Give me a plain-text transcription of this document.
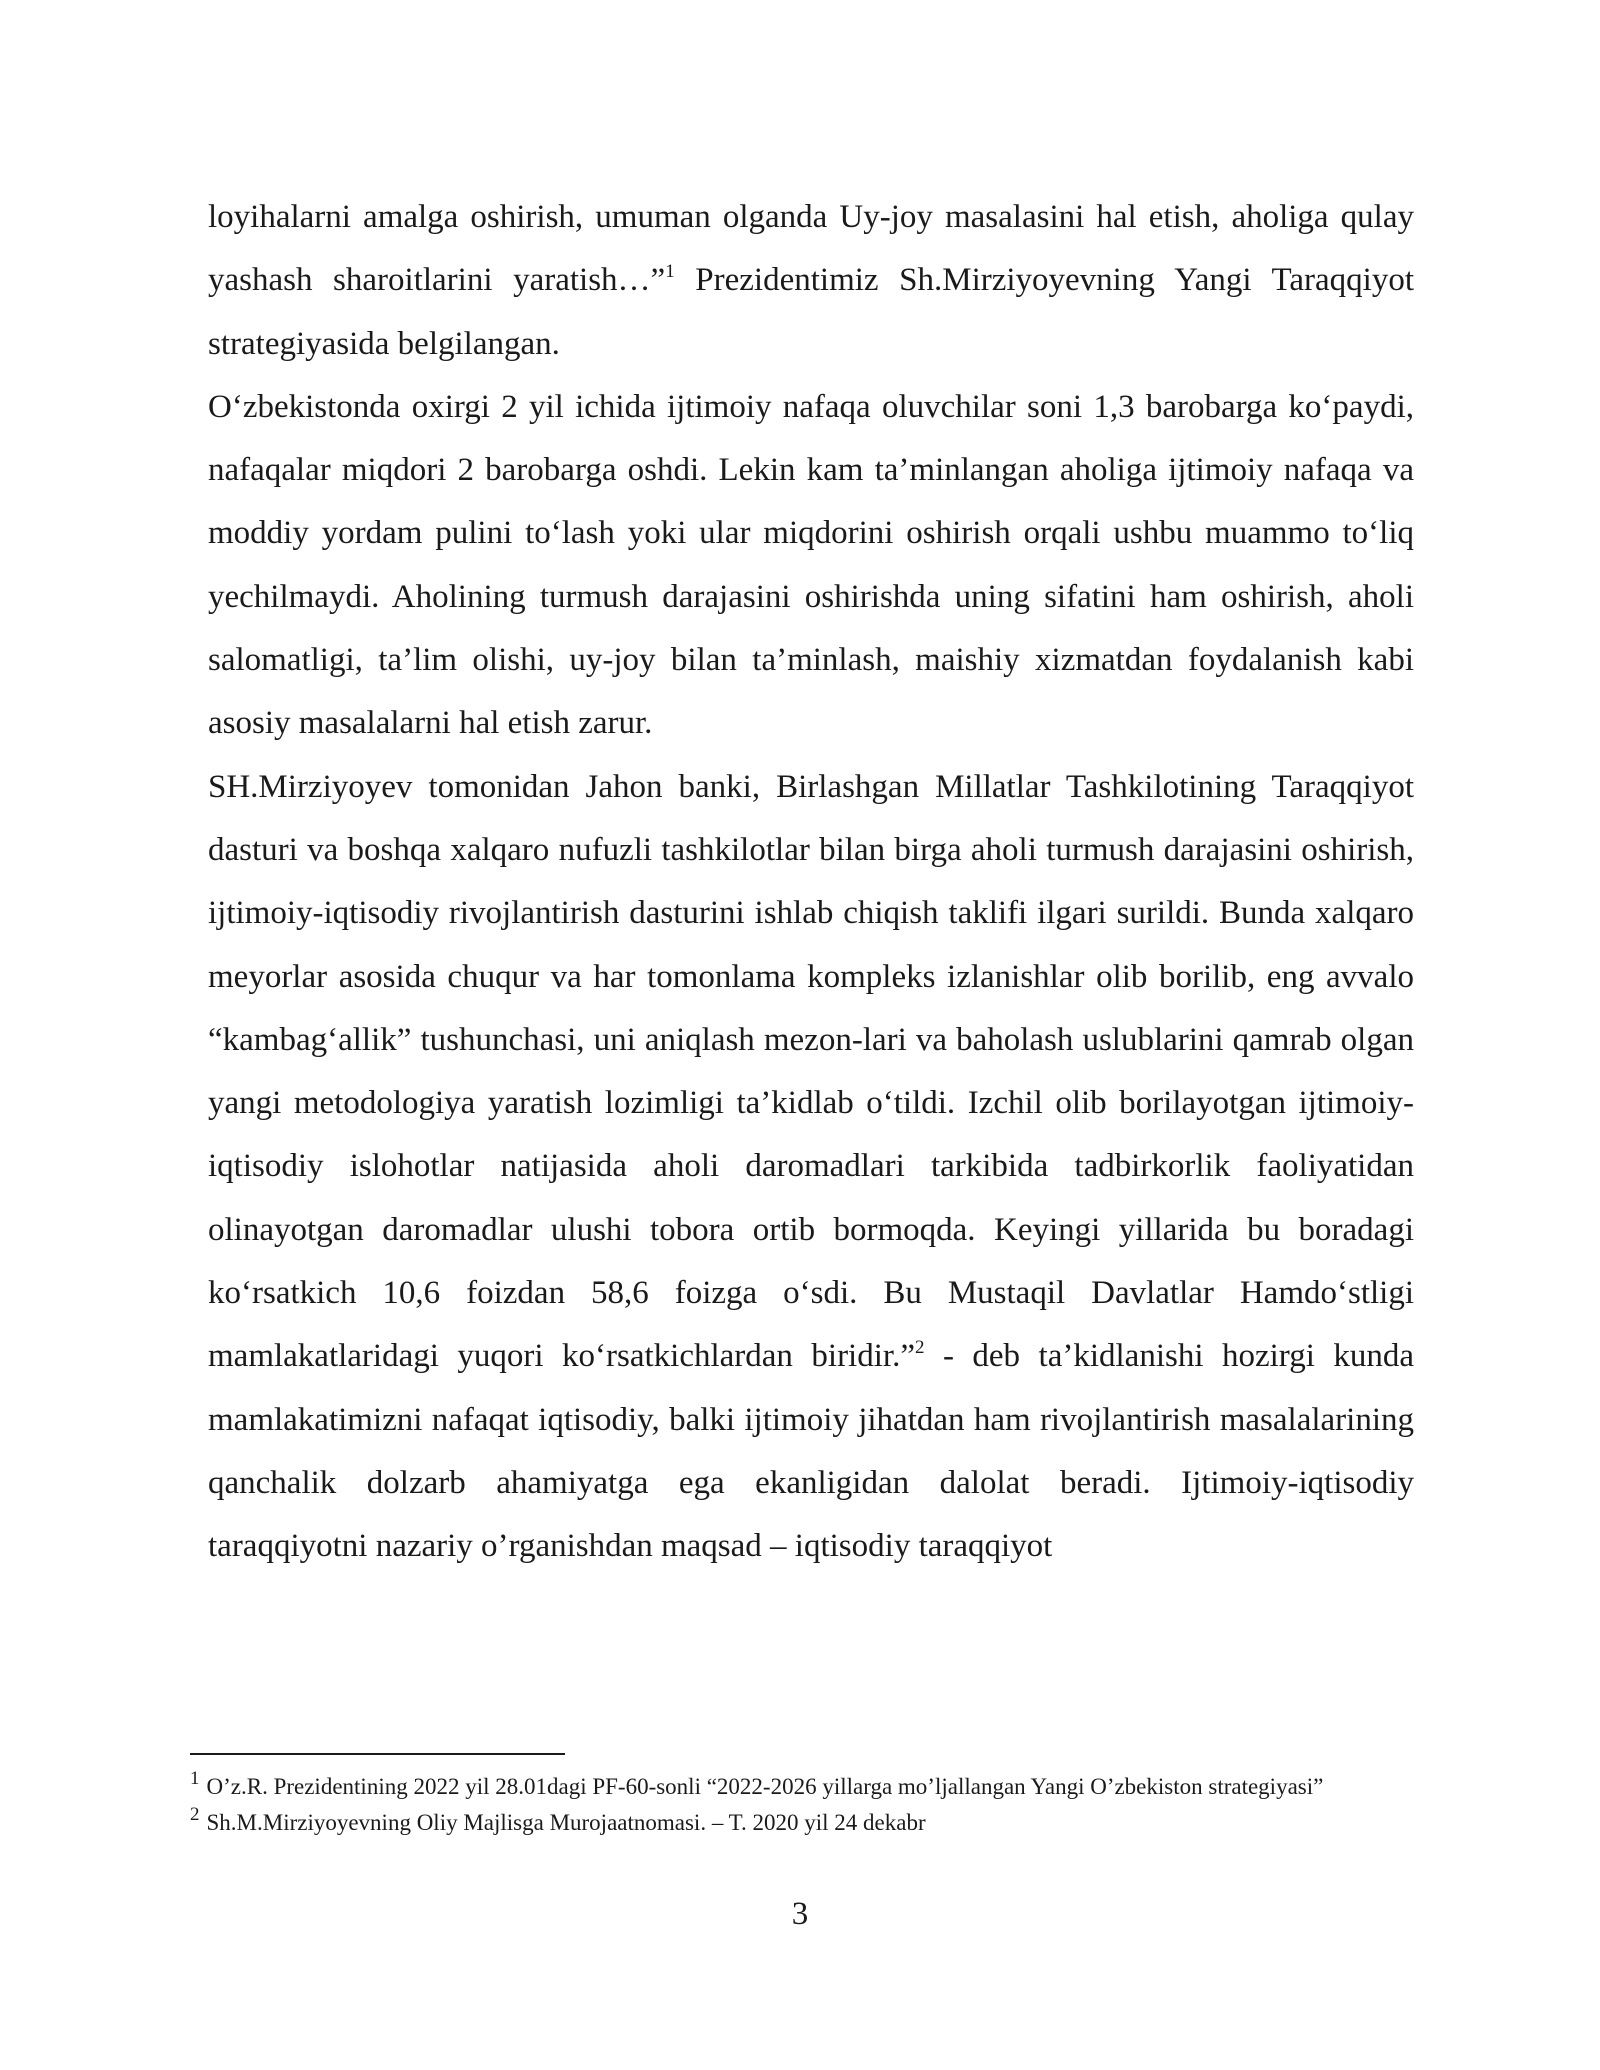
loyihalarni amalga oshirish, umuman olganda Uy-joy masalasini hal etish, aholiga qulay yashash sharoitlarini yaratish…”$^1$ Prezidentimiz Sh.Mirziyoyevning Yangi Taraqqiyot strategiyasida belgilangan.

O‘zbekistonda oxirgi 2 yil ichida ijtimoiy nafaqa oluvchilar soni 1,3 barobarga ko‘paydi, nafaqalar miqdori 2 barobarga oshdi. Lekin kam ta’minlangan aholiga ijtimoiy nafaqa va moddiy yordam pulini to‘lash yoki ular miqdorini oshirish orqali ushbu muammo to‘liq yechilmaydi. Aholining turmush darajasini oshirishda uning sifatini ham oshirish, aholi salomatligi, ta’lim olishi, uy-joy bilan ta’minlash, maishiy xizmatdan foydalanish kabi asosiy masalalarni hal etish zarur.

SH.Mirziyoyev tomonidan Jahon banki, Birlashgan Millatlar Tashkilotining Taraqqiyot dasturi va boshqa xalqaro nufuzli tashkilotlar bilan birga aholi turmush darajasini oshirish, ijtimoiy-iqtisodiy rivojlantirish dasturini ishlab chiqish taklifi ilgari surildi. Bunda xalqaro meyorlar asosida chuqur va har tomonlama kompleks izlanishlar olib borilib, eng avvalo “kambag‘allik” tushunchasi, uni aniqlash mezon-lari va baholash uslublarini qamrab olgan yangi metodologiya yaratish lozimligi ta’kidlab o‘tildi. Izchil olib borilayotgan ijtimoiy-iqtisodiy islohotlar natijasida aholi daromadlari tarkibida tadbirkorlik faoliyatidan olinayotgan daromadlar ulushi tobora ortib bormoqda. Keyingi yillarida bu boradagi ko‘rsatkich 10,6 foizdan 58,6 foizga o‘sdi. Bu Mustaqil Davlatlar Hamdo‘stligi mamlakatlaridagi yuqori ko‘rsatkichlardan biridir.”$^2$ - deb ta’kidlanishi hozirgi kunda mamlakatimizni nafaqat iqtisodiy, balki ijtimoiy jihatdan ham rivojlantirish masalalarining qanchalik dolzarb ahamiyatga ega ekanligidan dalolat beradi. Ijtimoiy-iqtisodiy taraqqiyotni nazariy o’rganishdan maqsad – iqtisodiy taraqqiyot

$^1$ O’z.R. Prezidentining 2022 yil 28.01dagi PF-60-sonli “2022-2026 yillarga mo’ljallangan Yangi O’zbekiston strategiyasi”

$^2$ Sh.M.Mirziyoyevning Oliy Majlisga Murojaatnomasi. – T. 2020 yil 24 dekabr

3
